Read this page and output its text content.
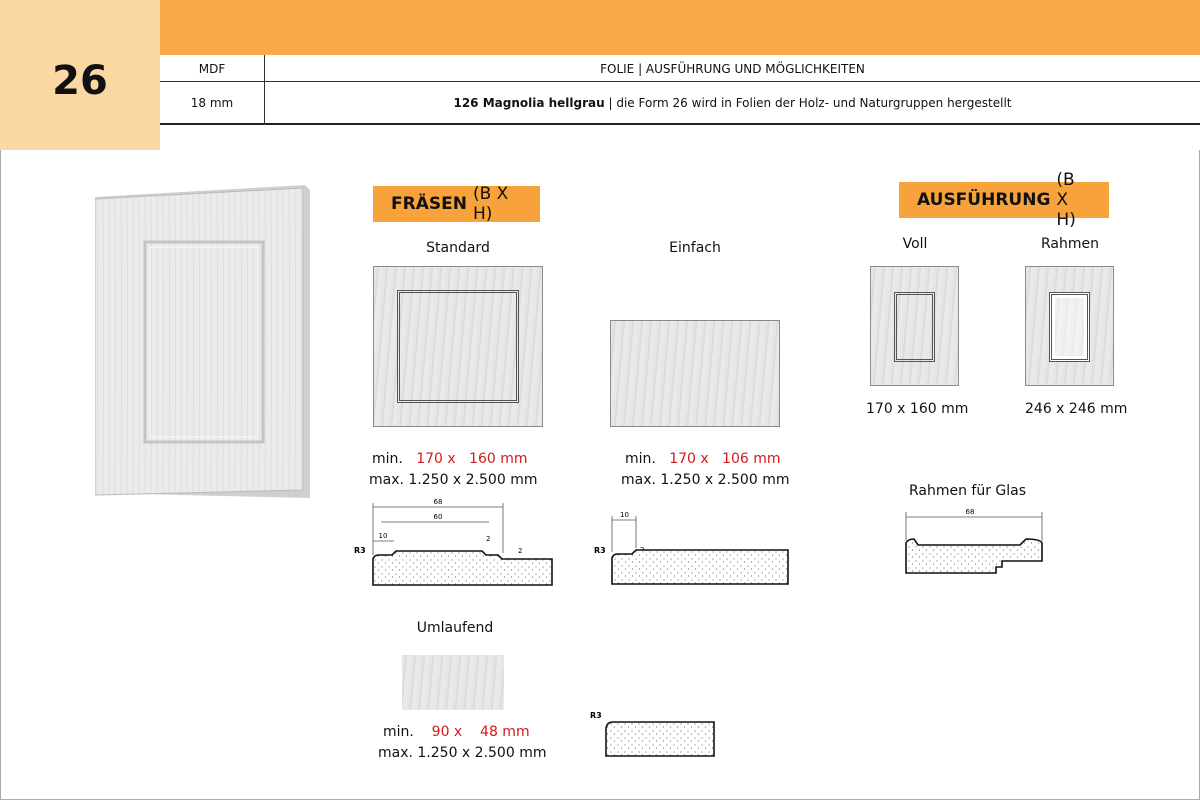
26	MDF	FOLIE | AUSFÜHRUNG UND MÖGLICHKEITEN
18 mm	126 Magnolia hellgrau | die Form 26 wird in Folien der Holz- und Naturgruppen hergestellt
FRÄSEN (B X H)
AUSFÜHRUNG
(B X H)
Standard
min. 170 x 160 mm
max. 1.250 x 2.500 mm
Einfach
min. 170 x 106 mm
max. 1.250 x 2.500 mm
Voll
170 x 160 mm
Rahmen
246 x 246 mm
Rahmen für Glas
68
68
60
10	2
2
R3
10
R3
Umlaufend
min. 90 x 48 mm
max. 1.250 x 2.500 mm
R3
